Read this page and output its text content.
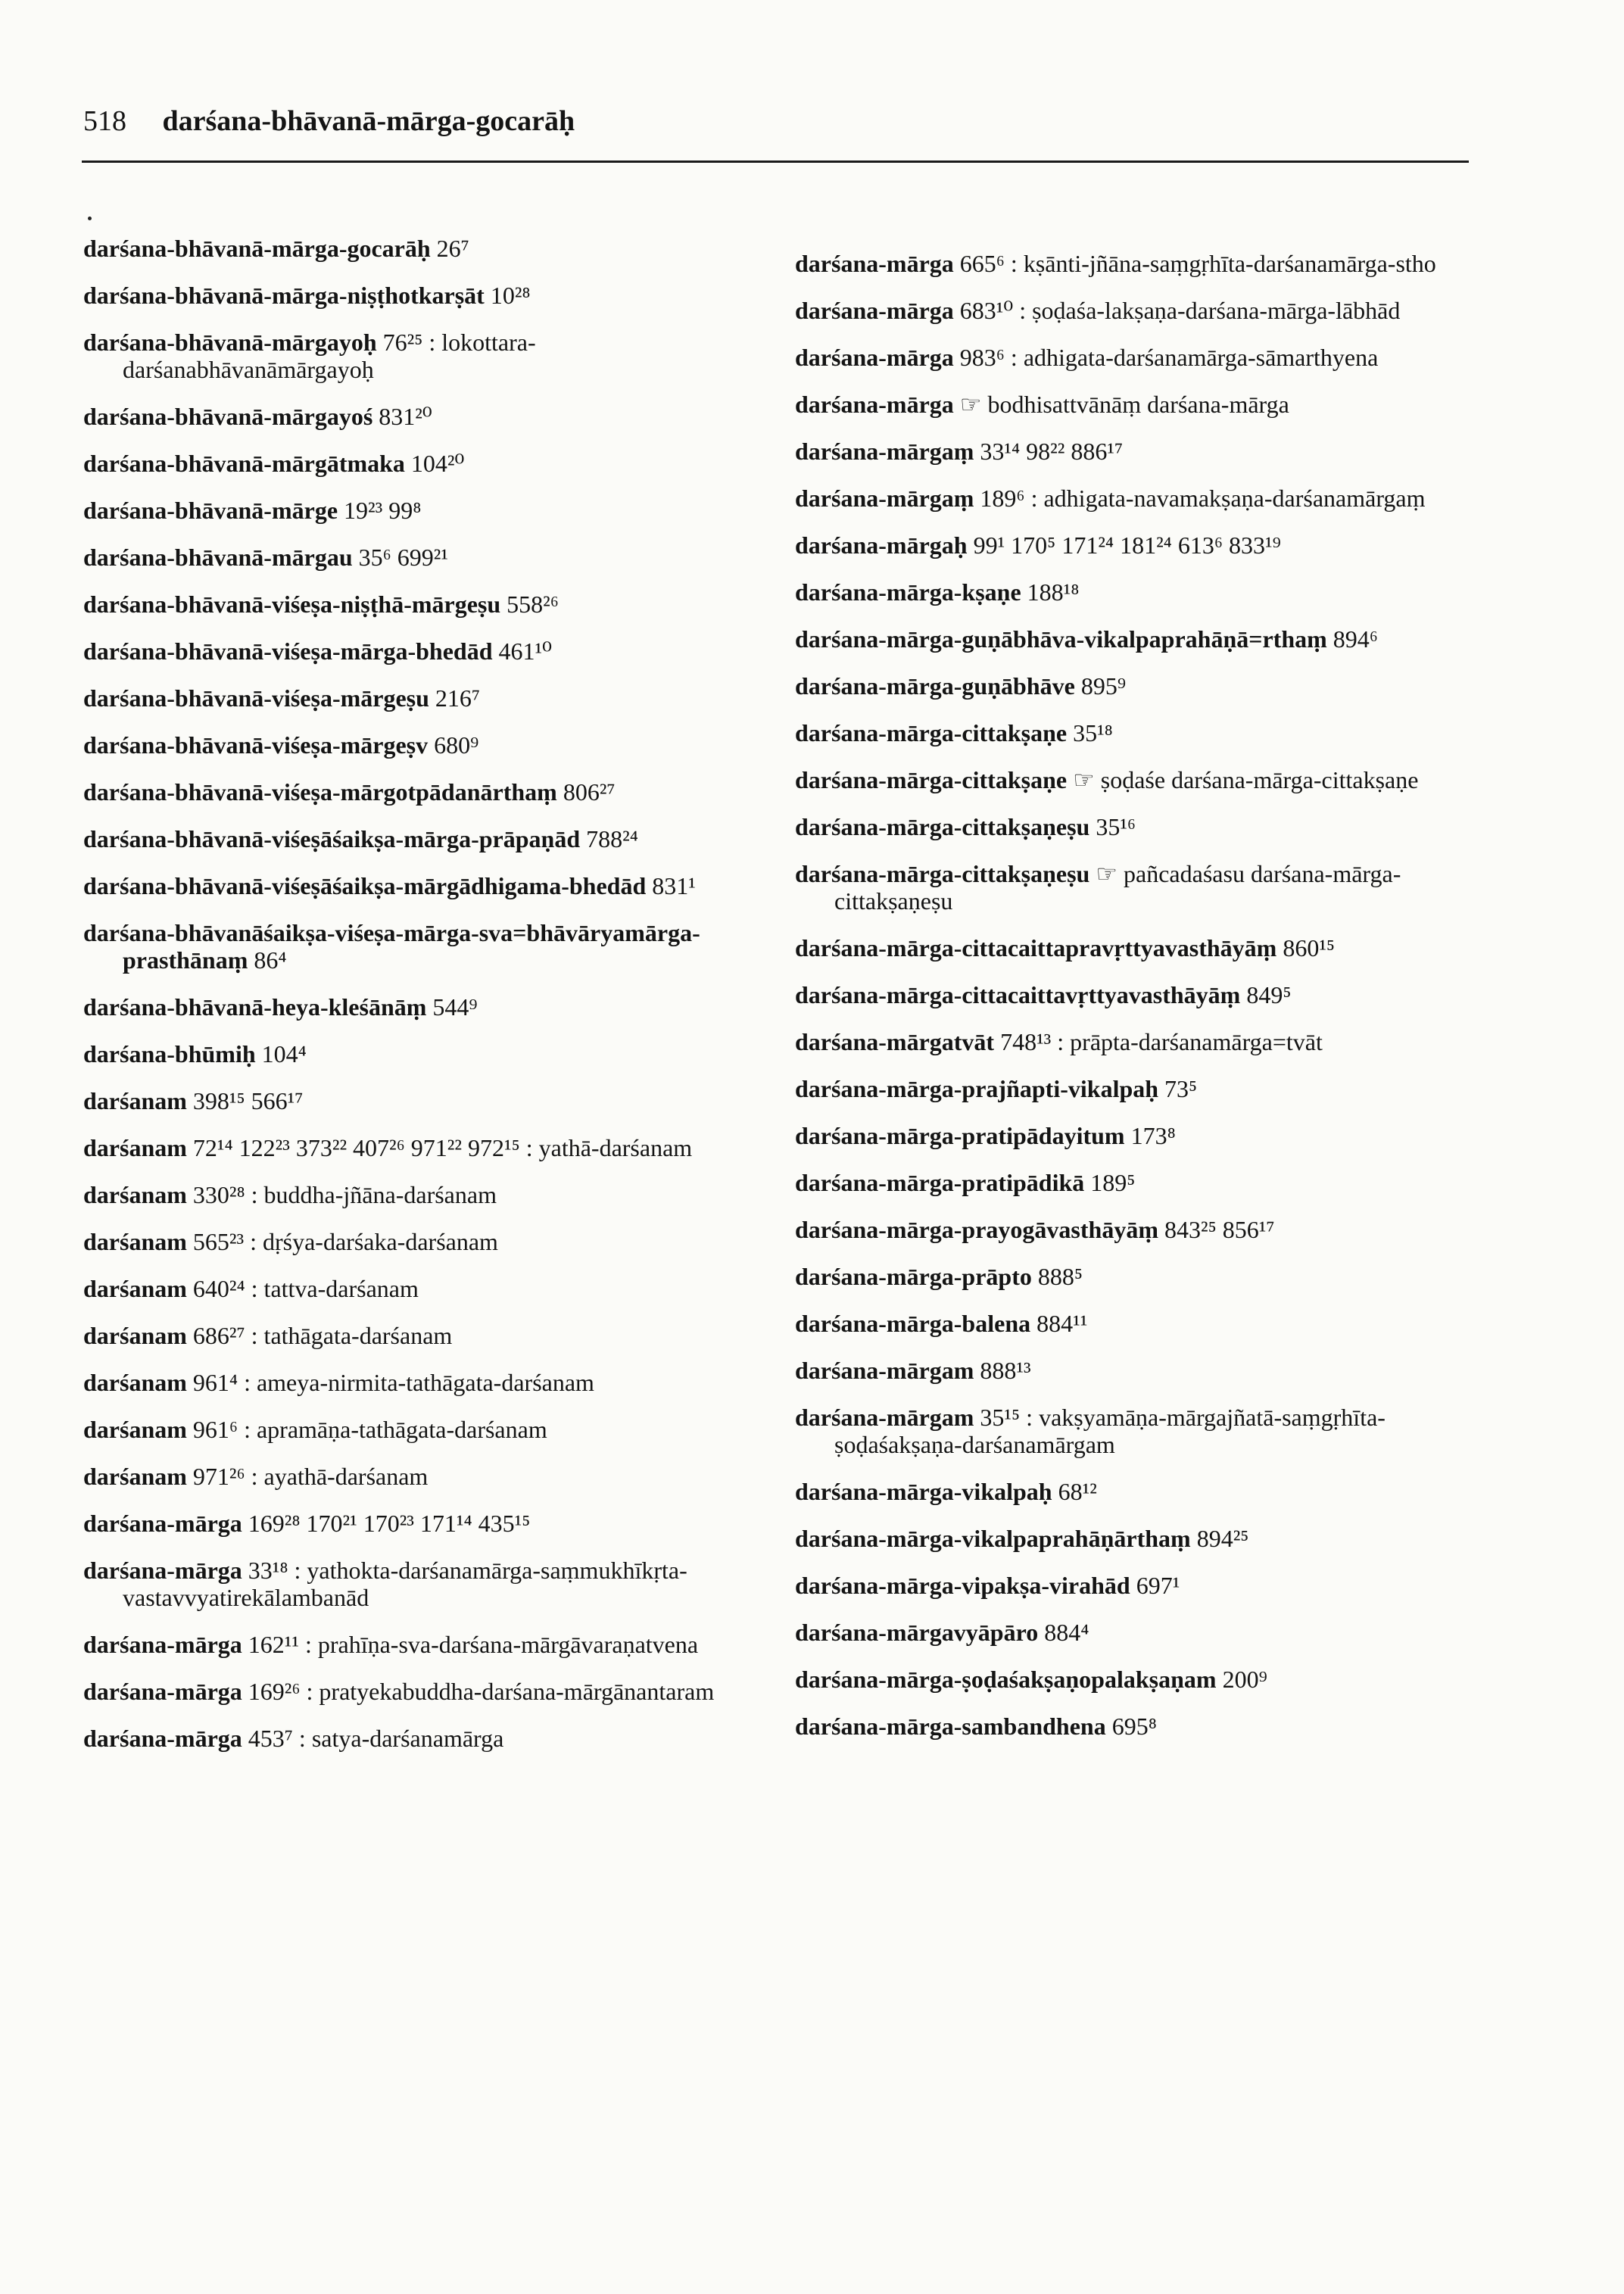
518 darśana-bhāvanā-mārga-gocarāḥ
darśana-bhāvanā-mārga-gocarāḥ 26⁷
darśana-bhāvanā-mārga-niṣṭhotkarṣāt 10²⁸
darśana-bhāvanā-mārgayoḥ 76²⁵ : lokottara-darśanabhāvanāmārgayoḥ
darśana-bhāvanā-mārgayoś 831²⁰
darśana-bhāvanā-mārgātmaka 104²⁰
darśana-bhāvanā-mārge 19²³ 99⁸
darśana-bhāvanā-mārgau 35⁶ 699²¹
darśana-bhāvanā-viśeṣa-niṣṭhā-mārgeṣu 558²⁶
darśana-bhāvanā-viśeṣa-mārga-bhedād 461¹⁰
darśana-bhāvanā-viśeṣa-mārgeṣu 216⁷
darśana-bhāvanā-viśeṣa-mārgeṣv 680⁹
darśana-bhāvanā-viśeṣa-mārgotpādanārthaṃ 806²⁷
darśana-bhāvanā-viśeṣāśaikṣa-mārga-prāpaṇād 788²⁴
darśana-bhāvanā-viśeṣāśaikṣa-mārgādhigama-bhedād 831¹
darśana-bhāvanāśaikṣa-viśeṣa-mārga-sva=bhāvāryamārga-prasthānaṃ 86⁴
darśana-bhāvanā-heya-kleśānāṃ 544⁹
darśana-bhūmiḥ 104⁴
darśanam 398¹⁵ 566¹⁷
darśanam 72¹⁴ 122²³ 373²² 407²⁶ 971²² 972¹⁵ : yathā-darśanam
darśanam 330²⁸ : buddha-jñāna-darśanam
darśanam 565²³ : dṛśya-darśaka-darśanam
darśanam 640²⁴ : tattva-darśanam
darśanam 686²⁷ : tathāgata-darśanam
darśanam 961⁴ : ameya-nirmita-tathāgata-darśanam
darśanam 961⁶ : apramāṇa-tathāgata-darśanam
darśanam 971²⁶ : ayathā-darśanam
darśana-mārga 169²⁸ 170²¹ 170²³ 171¹⁴ 435¹⁵
darśana-mārga 33¹⁸ : yathokta-darśanamārga-saṃmukhīkṛta-vastavvyatirekālambanād
darśana-mārga 162¹¹ : prahīṇa-sva-darśana-mārgāvaraṇatvena
darśana-mārga 169²⁶ : pratyekabuddha-darśana-mārgānantaram
darśana-mārga 453⁷ : satya-darśanamārga
darśana-mārga 665⁶ : kṣānti-jñāna-saṃgṛhīta-darśanamārga-stho
darśana-mārga 683¹⁰ : ṣoḍaśa-lakṣaṇa-darśana-mārga-lābhād
darśana-mārga 983⁶ : adhigata-darśanamārga-sāmarthyena
darśana-mārga ☞ bodhisattvānāṃ darśana-mārga
darśana-mārgaṃ 33¹⁴ 98²² 886¹⁷
darśana-mārgaṃ 189⁶ : adhigata-navamakṣaṇa-darśanamārgaṃ
darśana-mārgaḥ 99¹ 170⁵ 171²⁴ 181²⁴ 613⁶ 833¹⁹
darśana-mārga-kṣaṇe 188¹⁸
darśana-mārga-guṇābhāva-vikalpaprahāṇā=rthaṃ 894⁶
darśana-mārga-guṇābhāve 895⁹
darśana-mārga-cittakṣaṇe 35¹⁸
darśana-mārga-cittakṣaṇe ☞ ṣoḍaśe darśana-mārga-cittakṣaṇe
darśana-mārga-cittakṣaṇeṣu 35¹⁶
darśana-mārga-cittakṣaṇeṣu ☞ pañcadaśasu darśana-mārga-cittakṣaṇeṣu
darśana-mārga-cittacaittapravṛttyavasthāyāṃ 860¹⁵
darśana-mārga-cittacaittavṛttyavasthāyāṃ 849⁵
darśana-mārgatvāt 748¹³ : prāpta-darśanamārga=tvāt
darśana-mārga-prajñapti-vikalpaḥ 73⁵
darśana-mārga-pratipādayitum 173⁸
darśana-mārga-pratipādikā 189⁵
darśana-mārga-prayogāvasthāyāṃ 843²⁵ 856¹⁷
darśana-mārga-prāpto 888⁵
darśana-mārga-balena 884¹¹
darśana-mārgam 888¹³
darśana-mārgam 35¹⁵ : vakṣyamāṇa-mārgajñatā-saṃgṛhīta-ṣoḍaśakṣaṇa-darśanamārgam
darśana-mārga-vikalpaḥ 68¹²
darśana-mārga-vikalpaprahāṇārthaṃ 894²⁵
darśana-mārga-vipakṣa-virahād 697¹
darśana-mārgavyāpāro 884⁴
darśana-mārga-ṣoḍaśakṣaṇopalakṣaṇam 200⁹
darśana-mārga-sambandhena 695⁸
